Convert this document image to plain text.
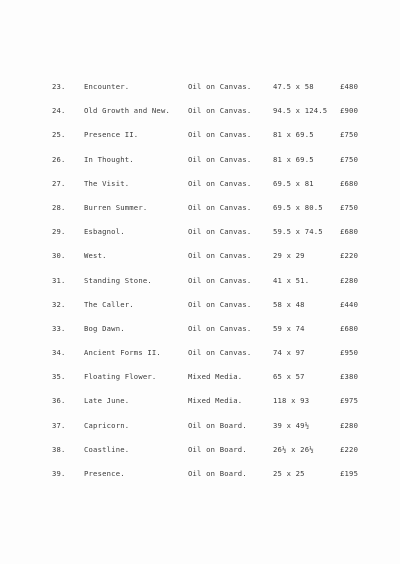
23.	Encounter.	Oil on Canvas.	47.5 x 58	£480
24.	Old Growth and New. Oil on Canvas.	94.5 x 124.5 £900
25.	Presence II.	Oil on Canvas.	81 x 69.5	£750
26.	In Thought.	Oil on Canvas.	81 x 69.5	£750
27.	The Visit.	Oil on Canvas.	69.5 x 81	£680
28.	Burren Summer.	Oil on Canvas.	69.5 x 80.5 £750
29.	Esbagnol.	Oil on Canvas.	59.5 x 74.5 £680
30.	West.	Oil on Canvas.	29 x 29	£220
31.	Standing Stone.	Oil on Canvas.	41 x 51.	£280
32.	The Caller.	Oil on Canvas.	58 x 48	£440
33.	Bog Dawn.	Oil on Canvas.	59 x 74	£680
34.	Ancient Forms II.	Oil on Canvas.	74 x 97	£950
35.	Floating Flower.	Mixed Media.	65 x 57	£380
36.	Late June.	Mixed Media.	118 x 93	£975
37.	Capricorn.	Oil on Board.	39 x 49½	£280
38.	Coastline.	Oil on Board.	26½ x 26½	£220
39.	Presence.	Oil on Board.	25 x 25	£195
